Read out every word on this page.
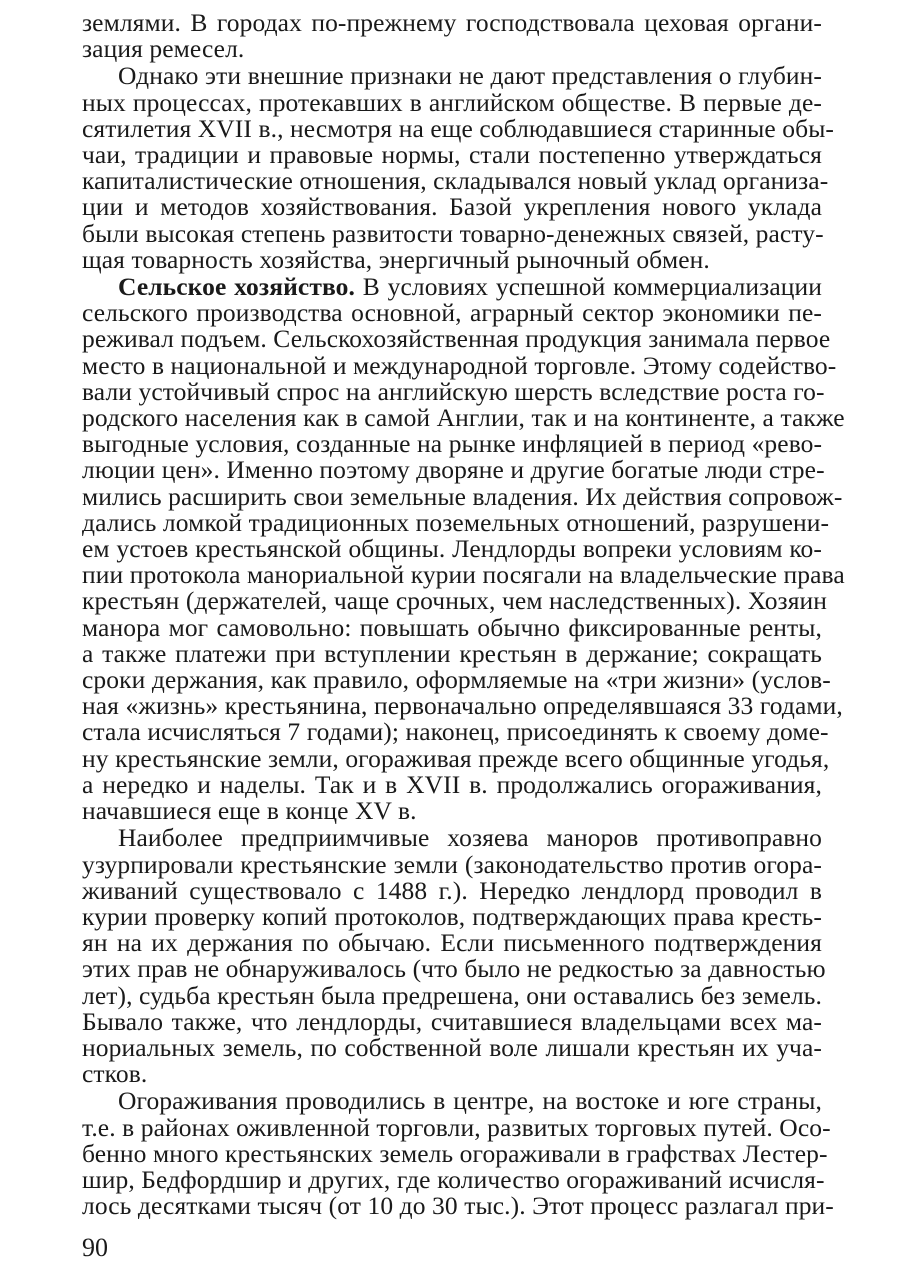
землями. В городах по-прежнему господствовала цеховая органи-
зация ремесел.
Однако эти внешние признаки не дают представления о глубин-
ных процессах, протекавших в английском обществе. В первые де-
сятилетия XVII в., несмотря на еще соблюдавшиеся старинные обы-
чаи, традиции и правовые нормы, стали постепенно утверждаться
капиталистические отношения, складывался новый уклад организа-
ции и методов хозяйствования. Базой укрепления нового уклада
были высокая степень развитости товарно-денежных связей, расту-
щая товарность хозяйства, энергичный рыночный обмен.
Сельское хозяйство. В условиях успешной коммерциализации
сельского производства основной, аграрный сектор экономики пе-
реживал подъем. Сельскохозяйственная продукция занимала первое
место в национальной и международной торговле. Этому содейство-
вали устойчивый спрос на английскую шерсть вследствие роста го-
родского населения как в самой Англии, так и на континенте, а также
выгодные условия, созданные на рынке инфляцией в период «рево-
люции цен». Именно поэтому дворяне и другие богатые люди стре-
мились расширить свои земельные владения. Их действия сопровож-
дались ломкой традиционных поземельных отношений, разрушени-
ем устоев крестьянской общины. Лендлорды вопреки условиям ко-
пии протокола манориальной курии посягали на владельческие права
крестьян (держателей, чаще срочных, чем наследственных). Хозяин
манора мог самовольно: повышать обычно фиксированные ренты,
а также платежи при вступлении крестьян в держание; сокращать
сроки держания, как правило, оформляемые на «три жизни» (услов-
ная «жизнь» крестьянина, первоначально определявшаяся 33 годами,
стала исчисляться 7 годами); наконец, присоединять к своему доме-
ну крестьянские земли, огораживая прежде всего общинные угодья,
а нередко и наделы. Так и в XVII в. продолжались огораживания,
начавшиеся еще в конце XV в.
Наиболее предприимчивые хозяева маноров противоправно
узурпировали крестьянские земли (законодательство против огора-
живаний существовало с 1488 г.). Нередко лендлорд проводил в
курии проверку копий протоколов, подтверждающих права кресть-
ян на их держания по обычаю. Если письменного подтверждения
этих прав не обнаруживалось (что было не редкостью за давностью
лет), судьба крестьян была предрешена, они оставались без земель.
Бывало также, что лендлорды, считавшиеся владельцами всех ма-
нориальных земель, по собственной воле лишали крестьян их уча-
стков.
Огораживания проводились в центре, на востоке и юге страны,
т.е. в районах оживленной торговли, развитых торговых путей. Осо-
бенно много крестьянских земель огораживали в графствах Лестер-
шир, Бедфордшир и других, где количество огораживаний исчисля-
лось десятками тысяч (от 10 до 30 тыс.). Этот процесс разлагал при-
90
